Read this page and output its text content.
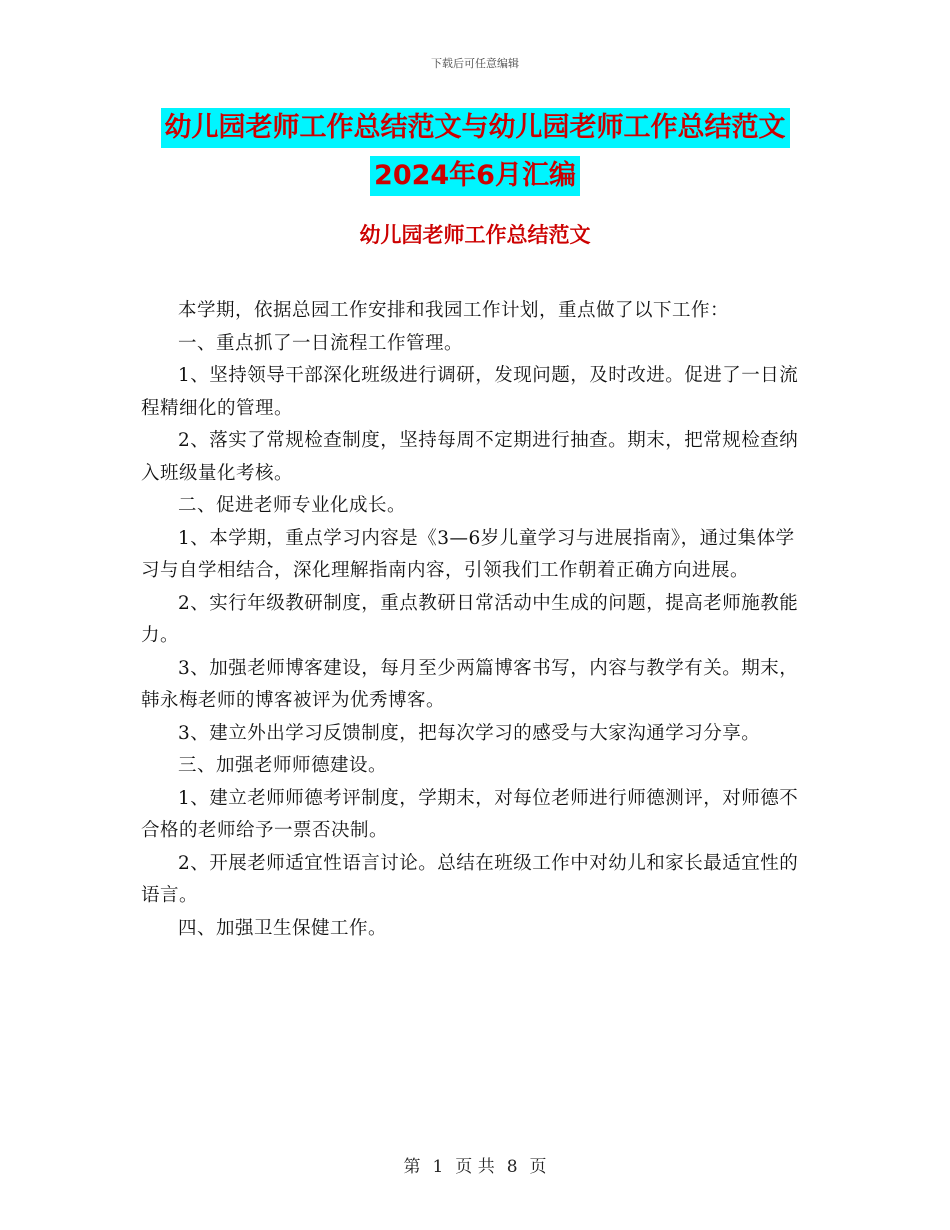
下载后可任意编辑
幼儿园老师工作总结范文与幼儿园老师工作总结范文
2024年6月汇编
幼儿园老师工作总结范文

本学期，依据总园工作安排和我园工作计划，重点做了以下工作：

一、重点抓了一日流程工作管理。

1、坚持领导干部深化班级进行调研，发现问题，及时改进。促进了一日流程精细化的管理。

2、落实了常规检查制度，坚持每周不定期进行抽查。期末，把常规检查纳入班级量化考核。

二、促进老师专业化成长。

1、本学期，重点学习内容是《3—6岁儿童学习与进展指南》，通过集体学习与自学相结合，深化理解指南内容，引领我们工作朝着正确方向进展。

2、实行年级教研制度，重点教研日常活动中生成的问题，提高老师施教能力。

3、加强老师博客建设，每月至少两篇博客书写，内容与教学有关。期末，韩永梅老师的博客被评为优秀博客。

3、建立外出学习反馈制度，把每次学习的感受与大家沟通学习分享。

三、加强老师师德建设。

1、建立老师师德考评制度，学期末，对每位老师进行师德测评，对师德不合格的老师给予一票否决制。

2、开展老师适宜性语言讨论。总结在班级工作中对幼儿和家长最适宜性的语言。

四、加强卫生保健工作。

第 1 页 共 8 页
